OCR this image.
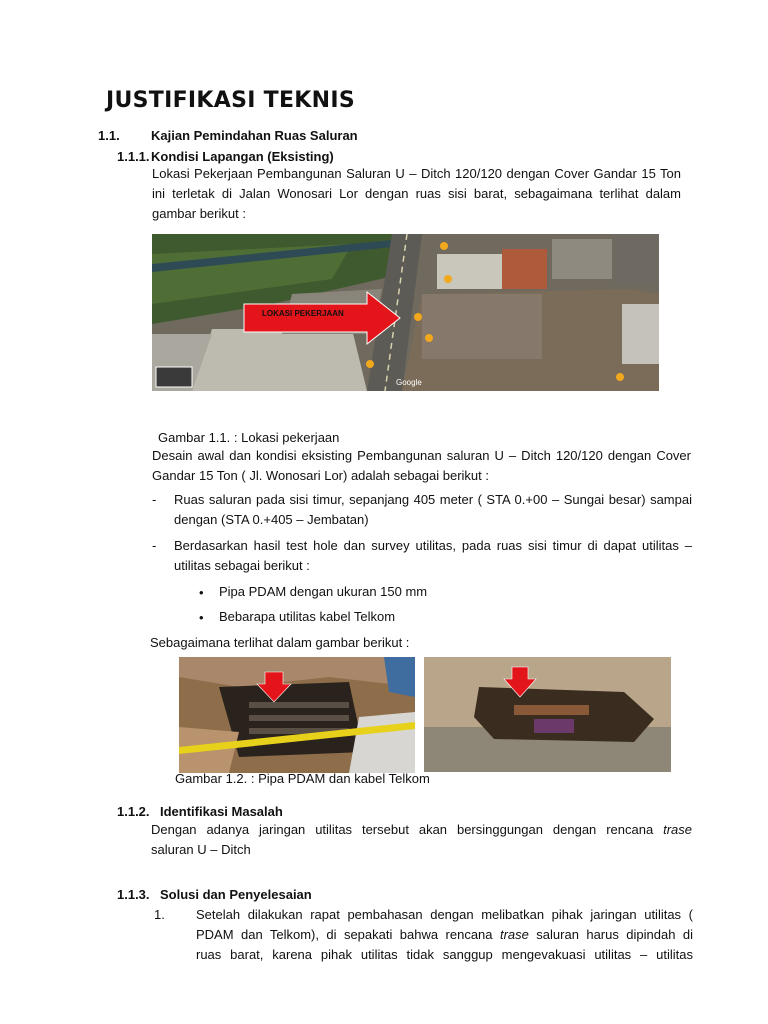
JUSTIFIKASI TEKNIS
1.1. Kajian Pemindahan Ruas Saluran
1.1.1. Kondisi Lapangan (Eksisting)
Lokasi Pekerjaan Pembangunan Saluran U – Ditch 120/120 dengan Cover Gandar 15 Ton ini terletak di Jalan Wonosari Lor dengan ruas sisi barat, sebagaimana terlihat dalam gambar berikut :
LOKASI PEKERJAAN
Google
Gambar 1.1. : Lokasi pekerjaan
Desain awal dan kondisi eksisting Pembangunan saluran U – Ditch 120/120 dengan Cover Gandar 15 Ton ( Jl. Wonosari Lor) adalah sebagai berikut :
- Ruas saluran pada sisi timur, sepanjang 405 meter ( STA 0.+00 – Sungai besar) sampai dengan (STA 0.+405 – Jembatan)
- Berdasarkan hasil test hole dan survey utilitas, pada ruas sisi timur di dapat utilitas – utilitas sebagai berikut :
• Pipa PDAM dengan ukuran 150 mm
• Bebarapa utilitas kabel Telkom
Sebagaimana terlihat dalam gambar berikut :
Gambar 1.2. : Pipa PDAM dan kabel Telkom
1.1.2. Identifikasi Masalah
Dengan adanya jaringan utilitas tersebut akan bersinggungan dengan rencana trase
saluran U – Ditch
1.1.3. Solusi dan Penyelesaian
1. Setelah dilakukan rapat pembahasan dengan melibatkan pihak jaringan utilitas (
PDAM dan Telkom), di sepakati bahwa rencana trase saluran harus dipindah di
ruas barat, karena pihak utilitas tidak sanggup mengevakuasi utilitas – utilitas
